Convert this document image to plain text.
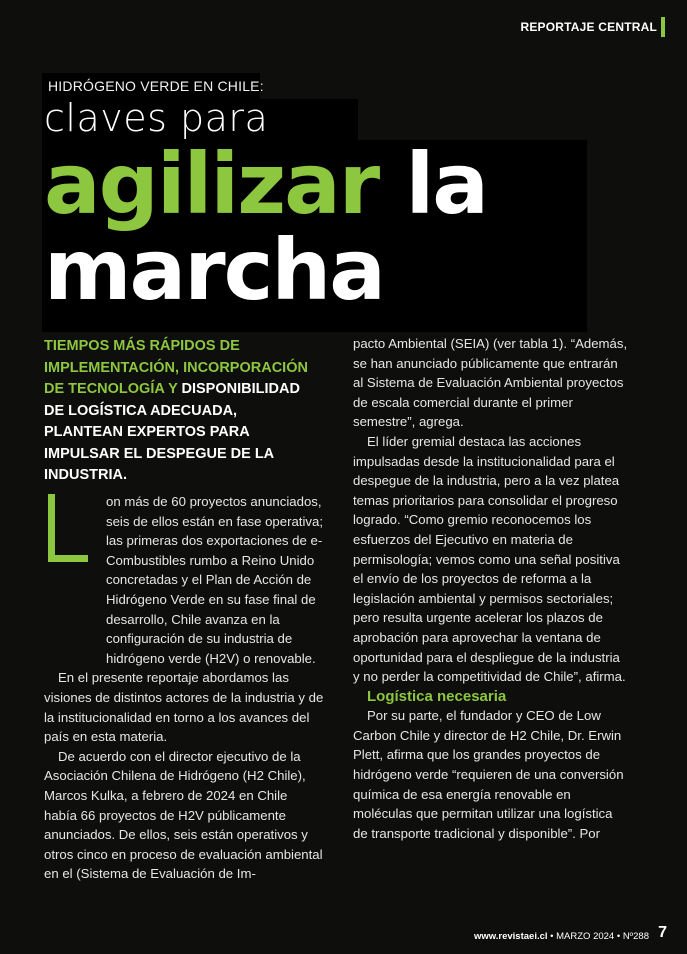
REPORTAJE CENTRAL
HIDRÓGENO VERDE EN CHILE:
claves para
agilizar la
marcha
TIEMPOS MÁS RÁPIDOS DE IMPLEMENTACIÓN, INCORPORACIÓN DE TECNOLOGÍA Y DISPONIBILIDAD DE LOGÍSTICA ADECUADA, PLANTEAN EXPERTOS PARA IMPULSAR EL DESPEGUE DE LA INDUSTRIA.

on más de 60 proyectos anunciados, seis de ellos están en fase operativa; las primeras dos exportaciones de e-Combustibles rumbo a Reino Unido concretadas y el Plan de Acción de Hidrógeno Verde en su fase final de desarrollo, Chile avanza en la configuración de su industria de hidrógeno verde (H2V) o renovable.

En el presente reportaje abordamos las visiones de distintos actores de la industria y de la institucionalidad en torno a los avances del país en esta materia.

De acuerdo con el director ejecutivo de la Asociación Chilena de Hidrógeno (H2 Chile), Marcos Kulka, a febrero de 2024 en Chile había 66 proyectos de H2V públicamente anunciados. De ellos, seis están operativos y otros cinco en proceso de evaluación ambiental en el (Sistema de Evaluación de Im-

pacto Ambiental (SEIA) (ver tabla 1). “Además, se han anunciado públicamente que entrarán al Sistema de Evaluación Ambiental proyectos de escala comercial durante el primer semestre”, agrega.

El líder gremial destaca las acciones impulsadas desde la institucionalidad para el despegue de la industria, pero a la vez platea temas prioritarios para consolidar el progreso logrado. “Como gremio reconocemos los esfuerzos del Ejecutivo en materia de permisología; vemos como una señal positiva el envío de los proyectos de reforma a la legislación ambiental y permisos sectoriales; pero resulta urgente acelerar los plazos de aprobación para aprovechar la ventana de oportunidad para el despliegue de la industria y no perder la competitividad de Chile”, afirma.

Logística necesaria

Por su parte, el fundador y CEO de Low Carbon Chile y director de H2 Chile, Dr. Erwin Plett, afirma que los grandes proyectos de hidrógeno verde “requieren de una conversión química de esa energía renovable en moléculas que permitan utilizar una logística de transporte tradicional y disponible”. Por

www.revistaei.cl • MARZO 2024 • Nº288 7
